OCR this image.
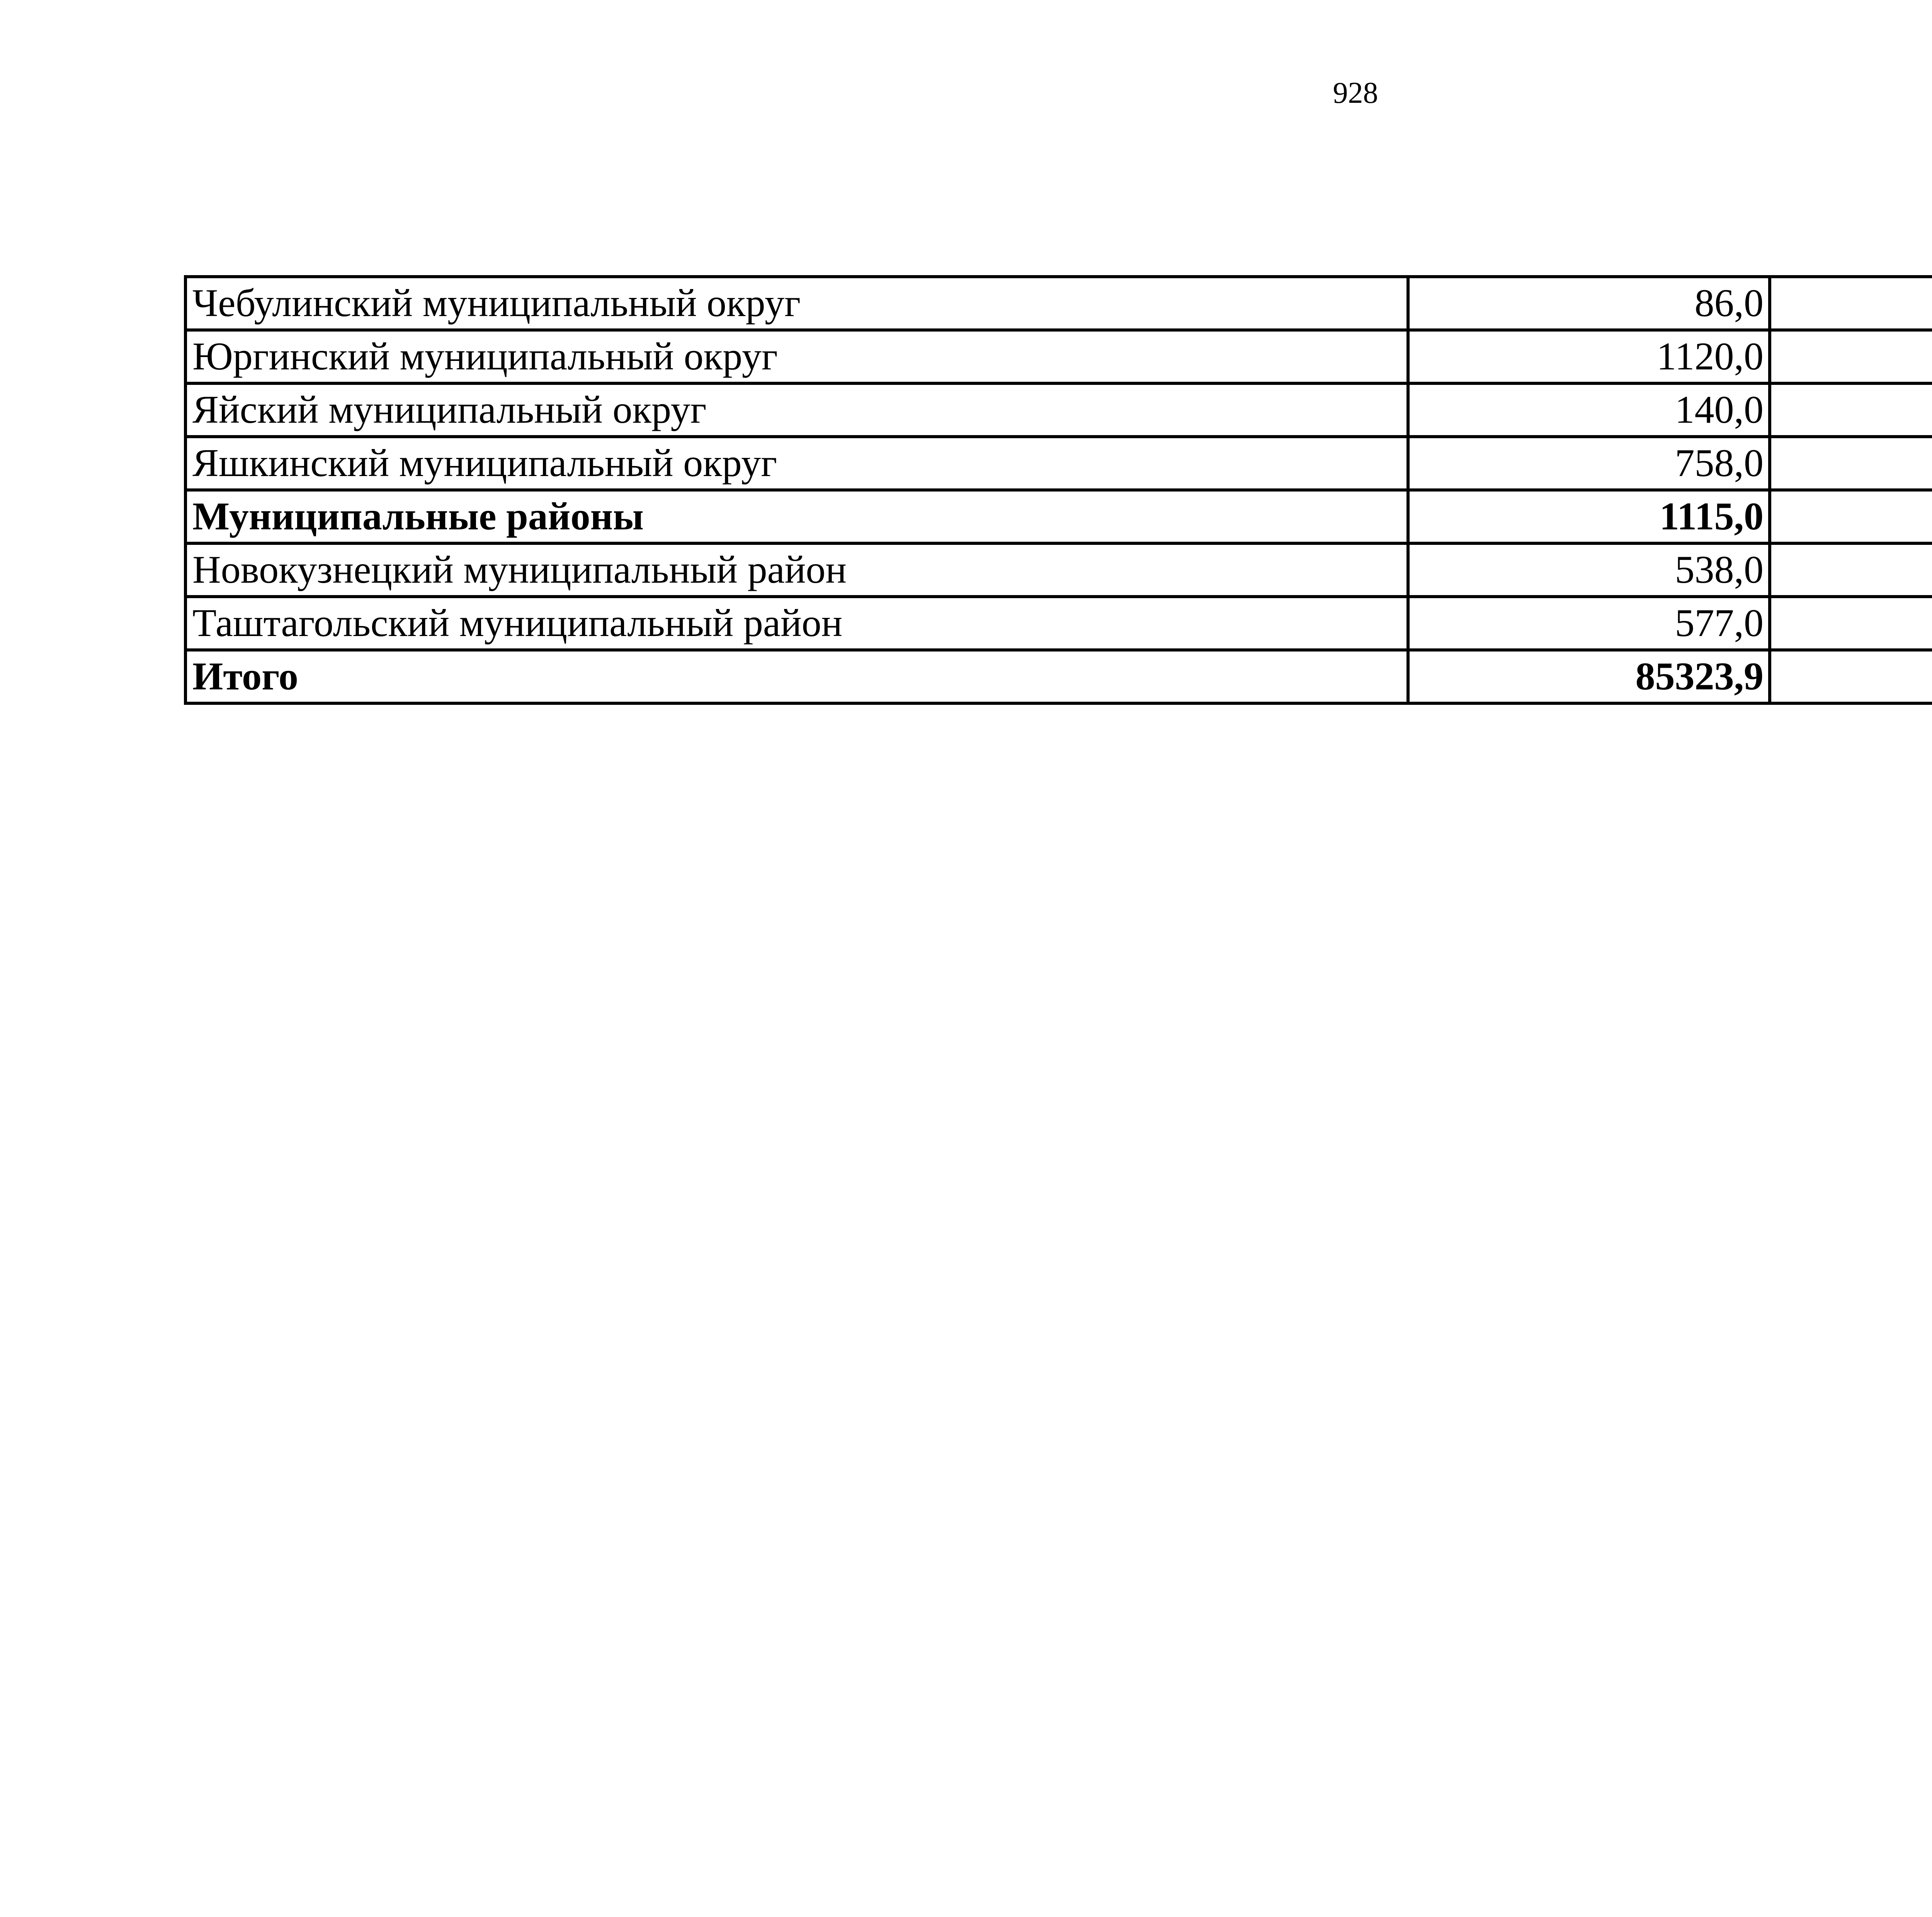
928
Чебулинский муниципальный округ	86,0		
Юргинский муниципальный округ	1120,0		
Яйский муниципальный округ	140,0		
Яшкинский муниципальный округ	758,0		
Муниципальные районы	1115,0		
Новокузнецкий муниципальный район	538,0		
Таштагольский муниципальный район	577,0		
Итого	85323,9		
